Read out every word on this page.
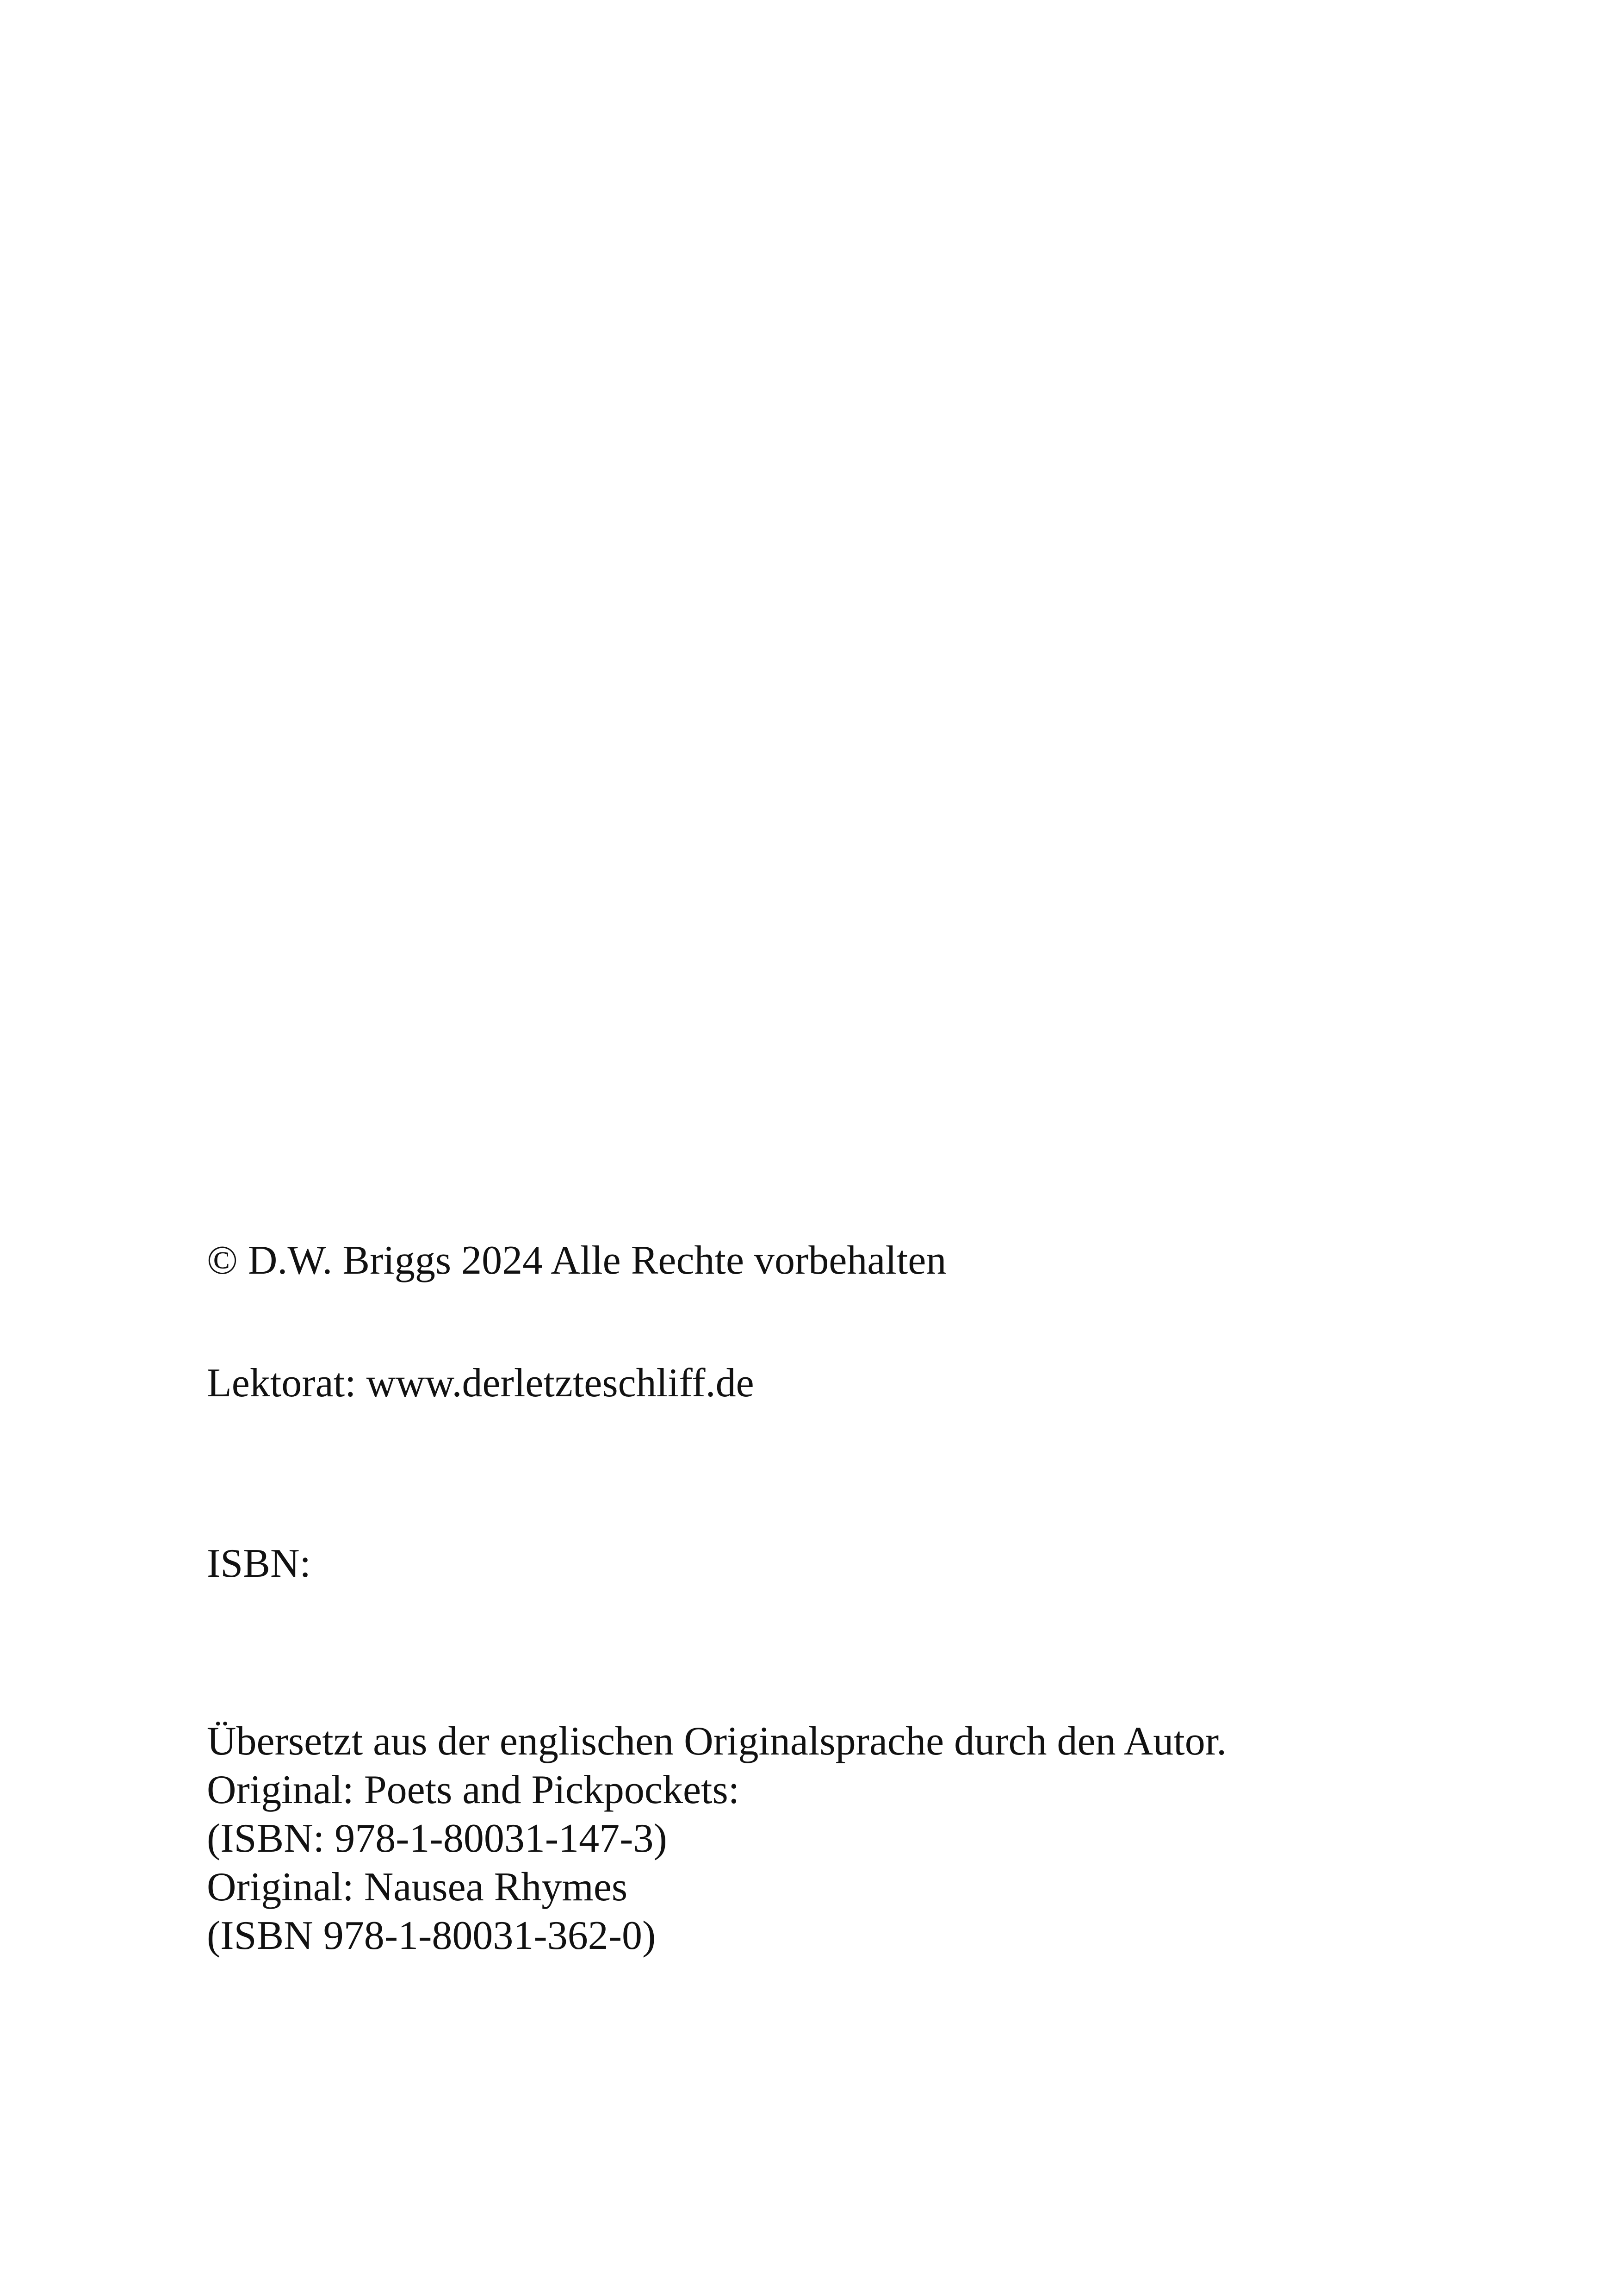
© D.W. Briggs 2024 Alle Rechte vorbehalten
Lektorat: www.derletzteschliff.de
ISBN:
Übersetzt aus der englischen Originalsprache durch den Autor.
Original: Poets and Pickpockets:
(ISBN: 978-1-80031-147-3)
Original: Nausea Rhymes
(ISBN 978-1-80031-362-0)
